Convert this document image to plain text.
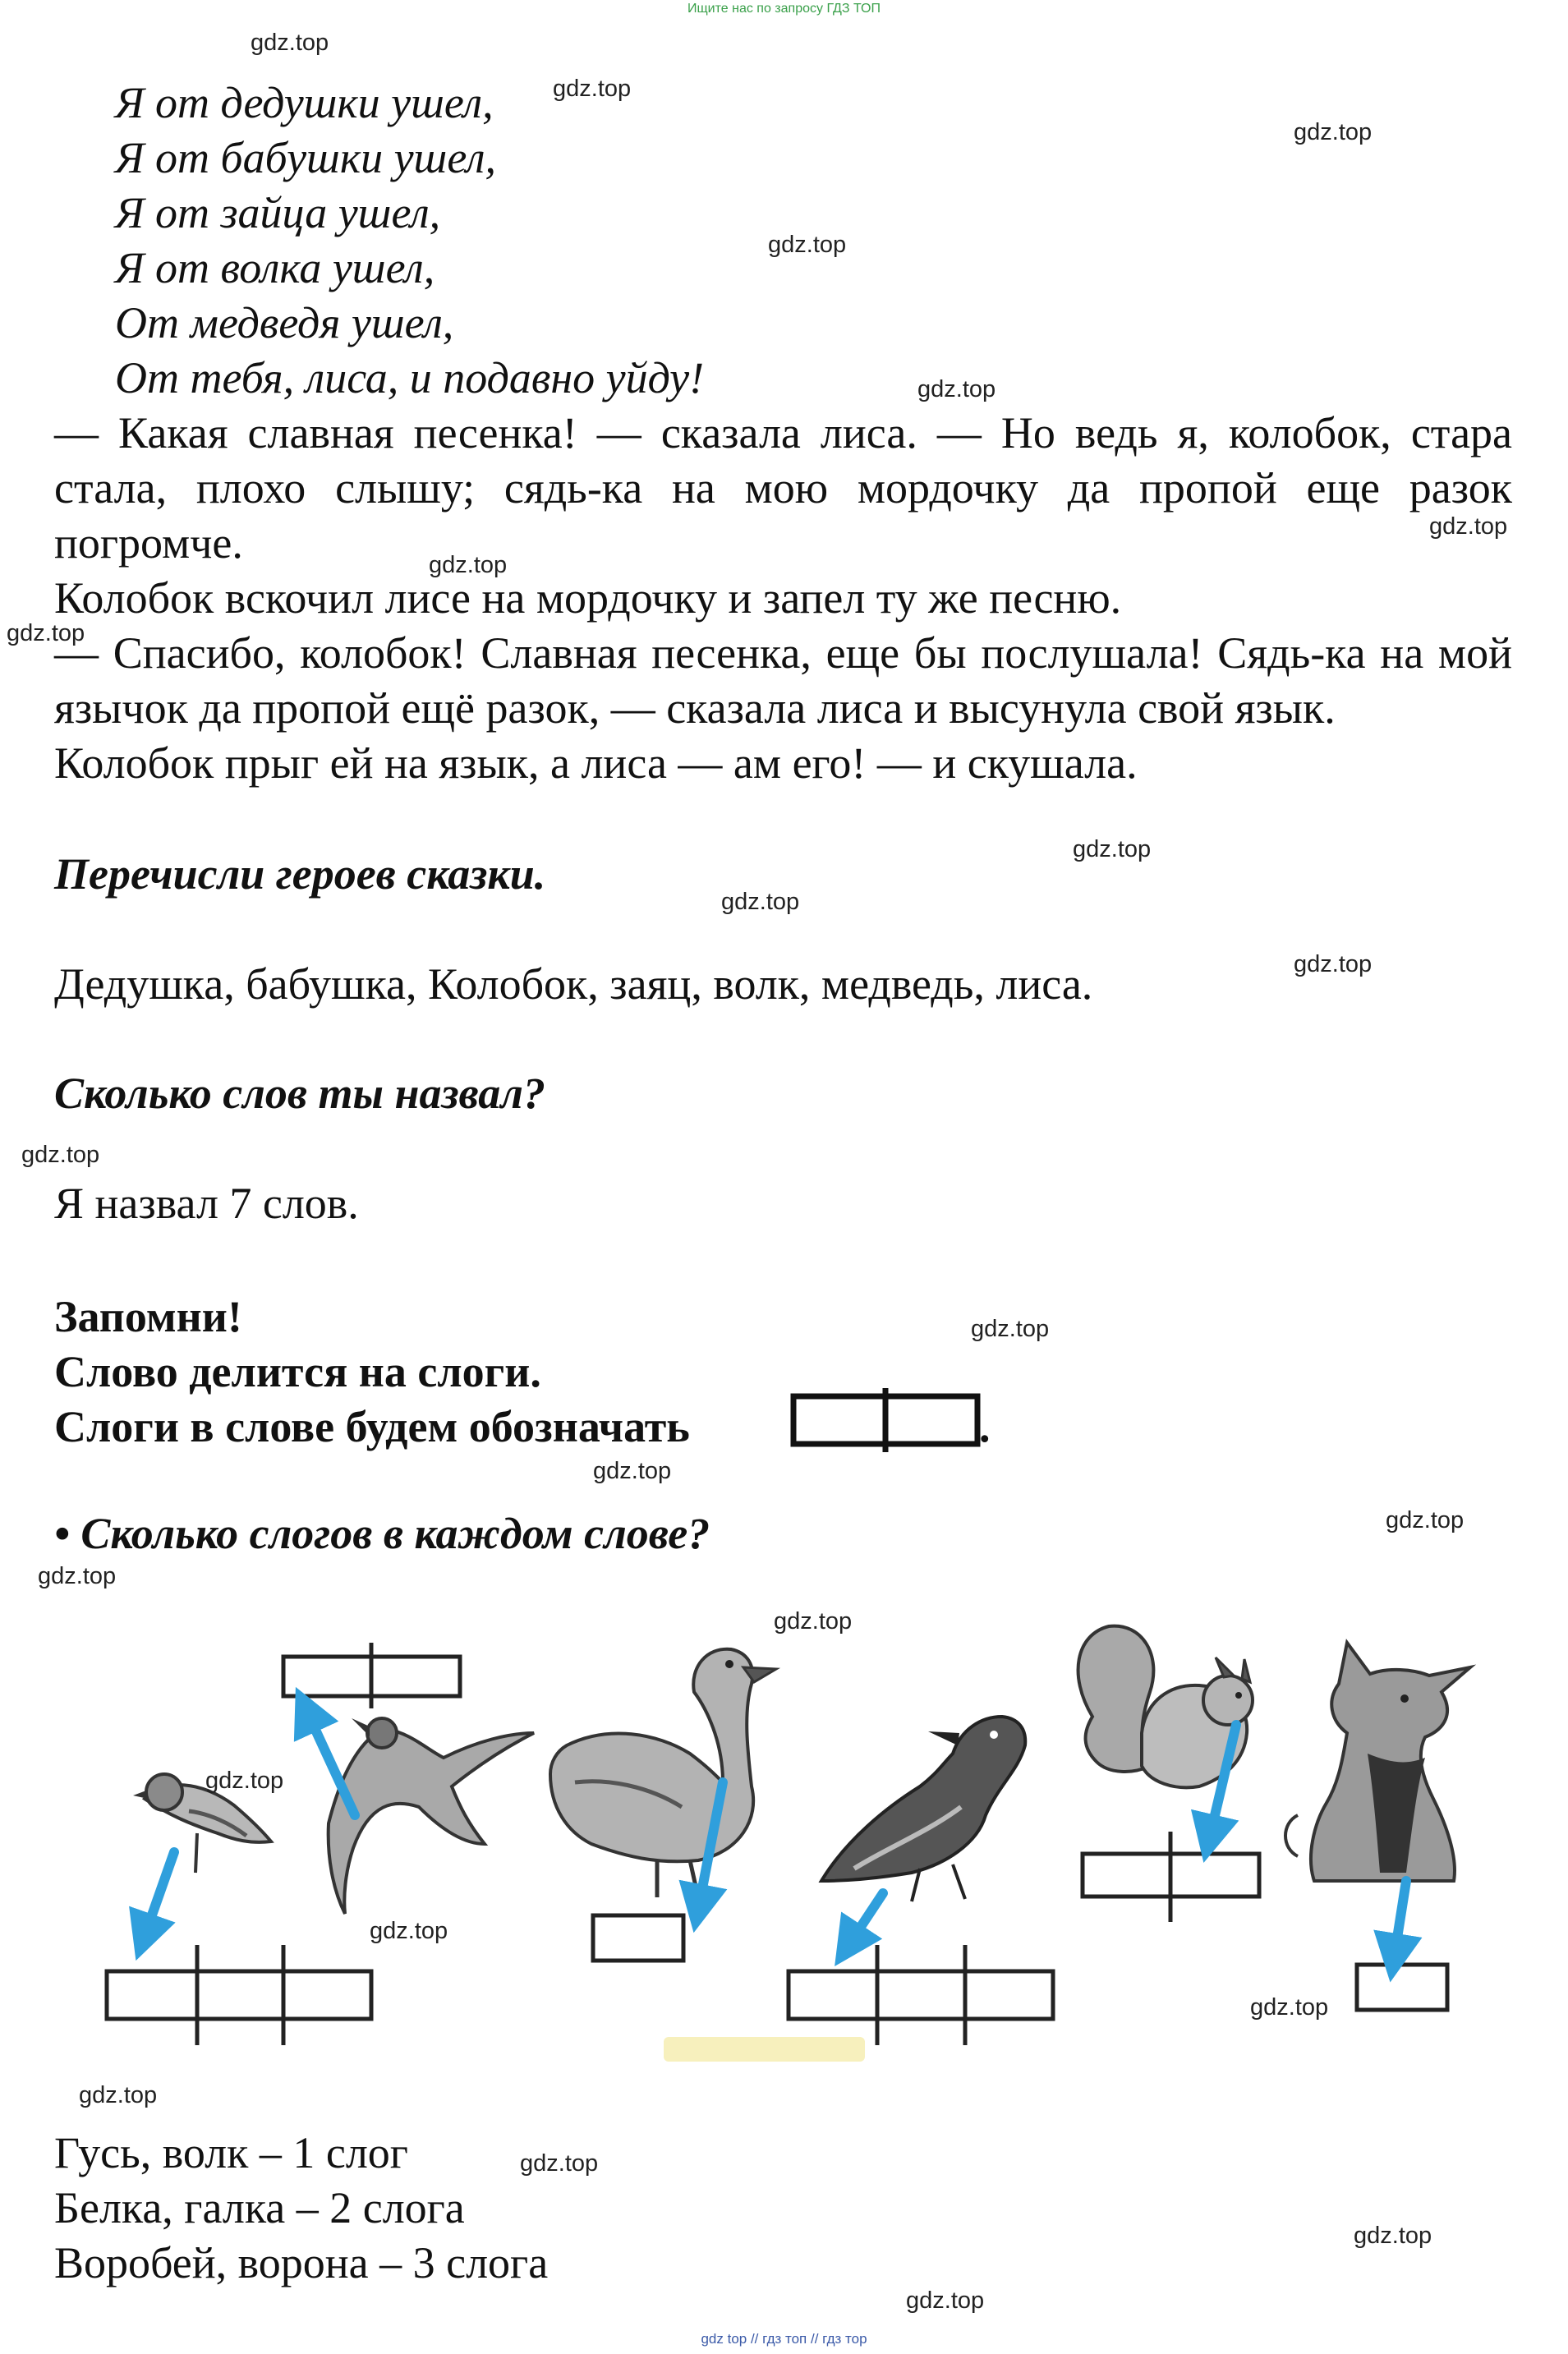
Ищите нас по запросу ГДЗ ТОП
Я от дедушки ушел,
Я от бабушки ушел,
Я от зайца ушел,
Я от волка ушел,
От медведя ушел,
От тебя, лиса, и подавно уйду!
— Какая славная песенка! — сказала лиса. — Но ведь я, колобок, стара стала, плохо слышу; сядь-ка на мою мордочку да пропой еще разок погромче.
Колобок вскочил лисе на мордочку и запел ту же песню.
— Спасибо, колобок! Славная песенка, еще бы послушала! Сядь-ка на мой язычок да пропой ещё разок, — сказала лиса и высунула свой язык.
Колобок прыг ей на язык, а лиса — ам его! — и скушала.
Перечисли героев сказки.
Дедушка, бабушка, Колобок, заяц, волк, медведь, лиса.
Сколько слов ты назвал?
Я назвал 7 слов.
Запомни!
Слово делится на слоги.
Слоги в слове будем обозначать	.
• Сколько слогов в каждом слове?
Гусь, волк – 1 слог
Белка, галка – 2 слога
Воробей, ворона – 3 слога
gdz.top
gdz.top
gdz.top
gdz.top
gdz.top
gdz.top
gdz.top
gdz.top
gdz.top
gdz.top
gdz.top
gdz.top
gdz.top
gdz.top
gdz.top
gdz.top
gdz.top
gdz.top
gdz.top
gdz.top
gdz.top
gdz.top
gdz.top
gdz.top
gdz top // гдз топ // гдз тор
